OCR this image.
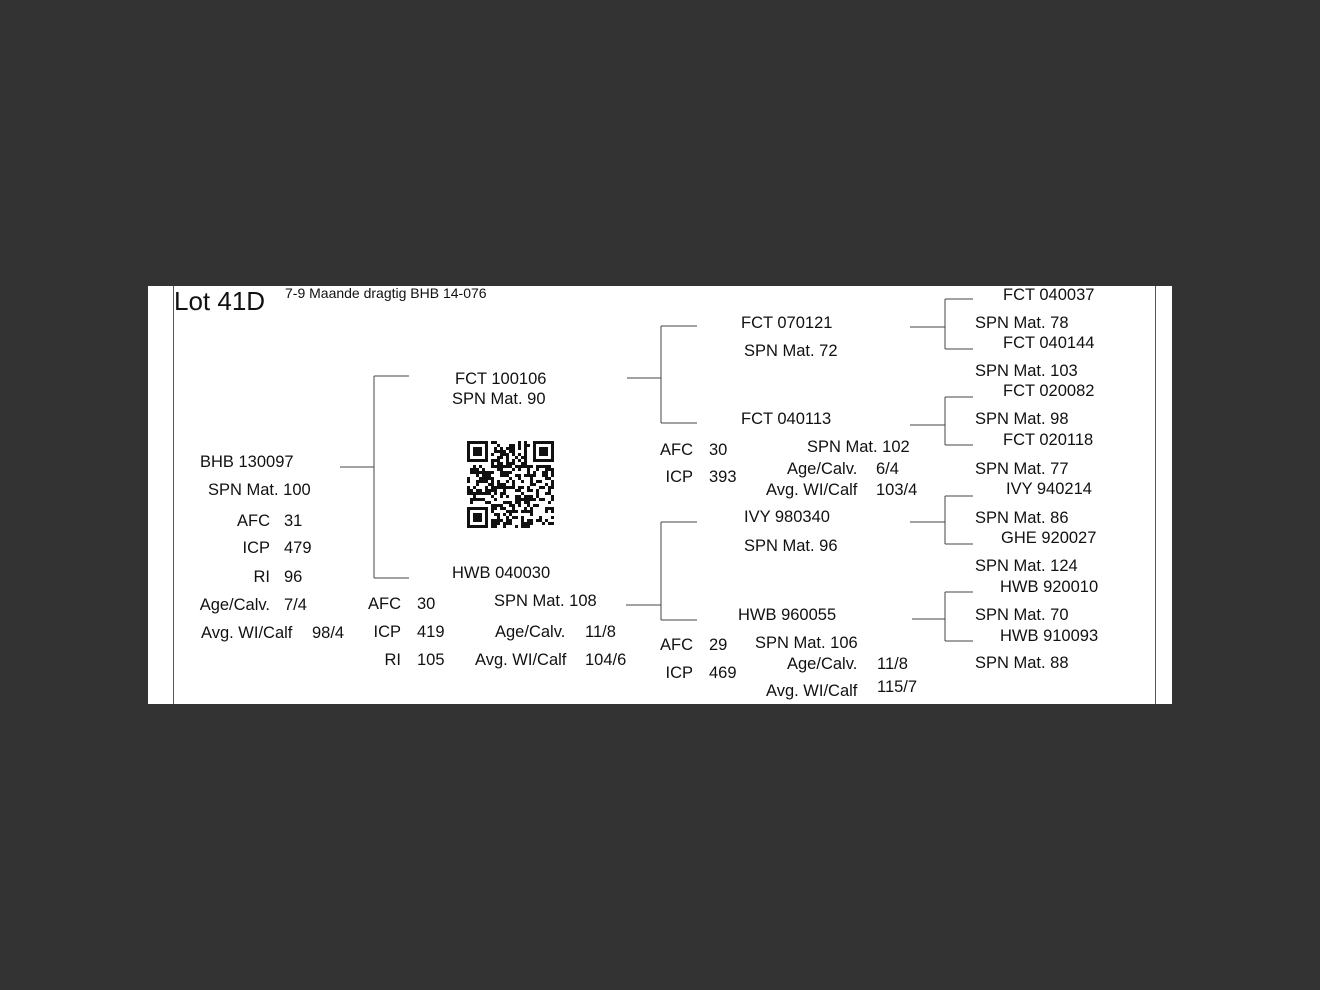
Lot 41D 7-9 Maande dragtig BHB 14-076
BHB 130097
SPN Mat. 100
AFC 31
ICP 479
RI 96
Age/Calv. 7/4
Avg. WI/Calf 98/4
FCT 100106
SPN Mat. 90
HWB 040030
SPN Mat. 108
AFC 30
ICP 419
RI 105
Age/Calv. 11/8
Avg. WI/Calf 104/6
FCT 070121
SPN Mat. 72
FCT 040113
SPN Mat. 102
AFC 30
ICP 393	Age/Calv. 6/4
Avg. WI/Calf 103/4
IVY 980340
SPN Mat. 96
HWB 960055
SPN Mat. 106
AFC 29
ICP 469	Age/Calv. 11/8
Avg. WI/Calf 115/7
FCT 040037
SPN Mat. 78
FCT 040144
SPN Mat. 103
FCT 020082
SPN Mat. 98
FCT 020118
SPN Mat. 77
IVY 940214
SPN Mat. 86
GHE 920027
SPN Mat. 124
HWB 920010
SPN Mat. 70
HWB 910093
SPN Mat. 88
